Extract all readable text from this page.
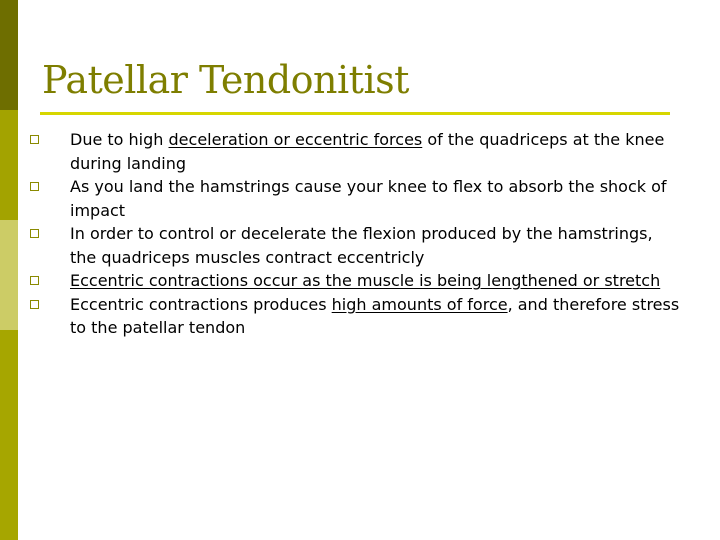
Patellar Tendonitist
Due to high deceleration or eccentric forces of the quadriceps at the knee during landing
As you land the hamstrings cause your knee to flex to absorb the shock of impact
In order to control or decelerate the flexion produced by the hamstrings, the quadriceps muscles contract eccentricly
Eccentric contractions occur as the muscle is being lengthened or stretch
Eccentric contractions produces high amounts of force, and therefore stress to the patellar tendon
